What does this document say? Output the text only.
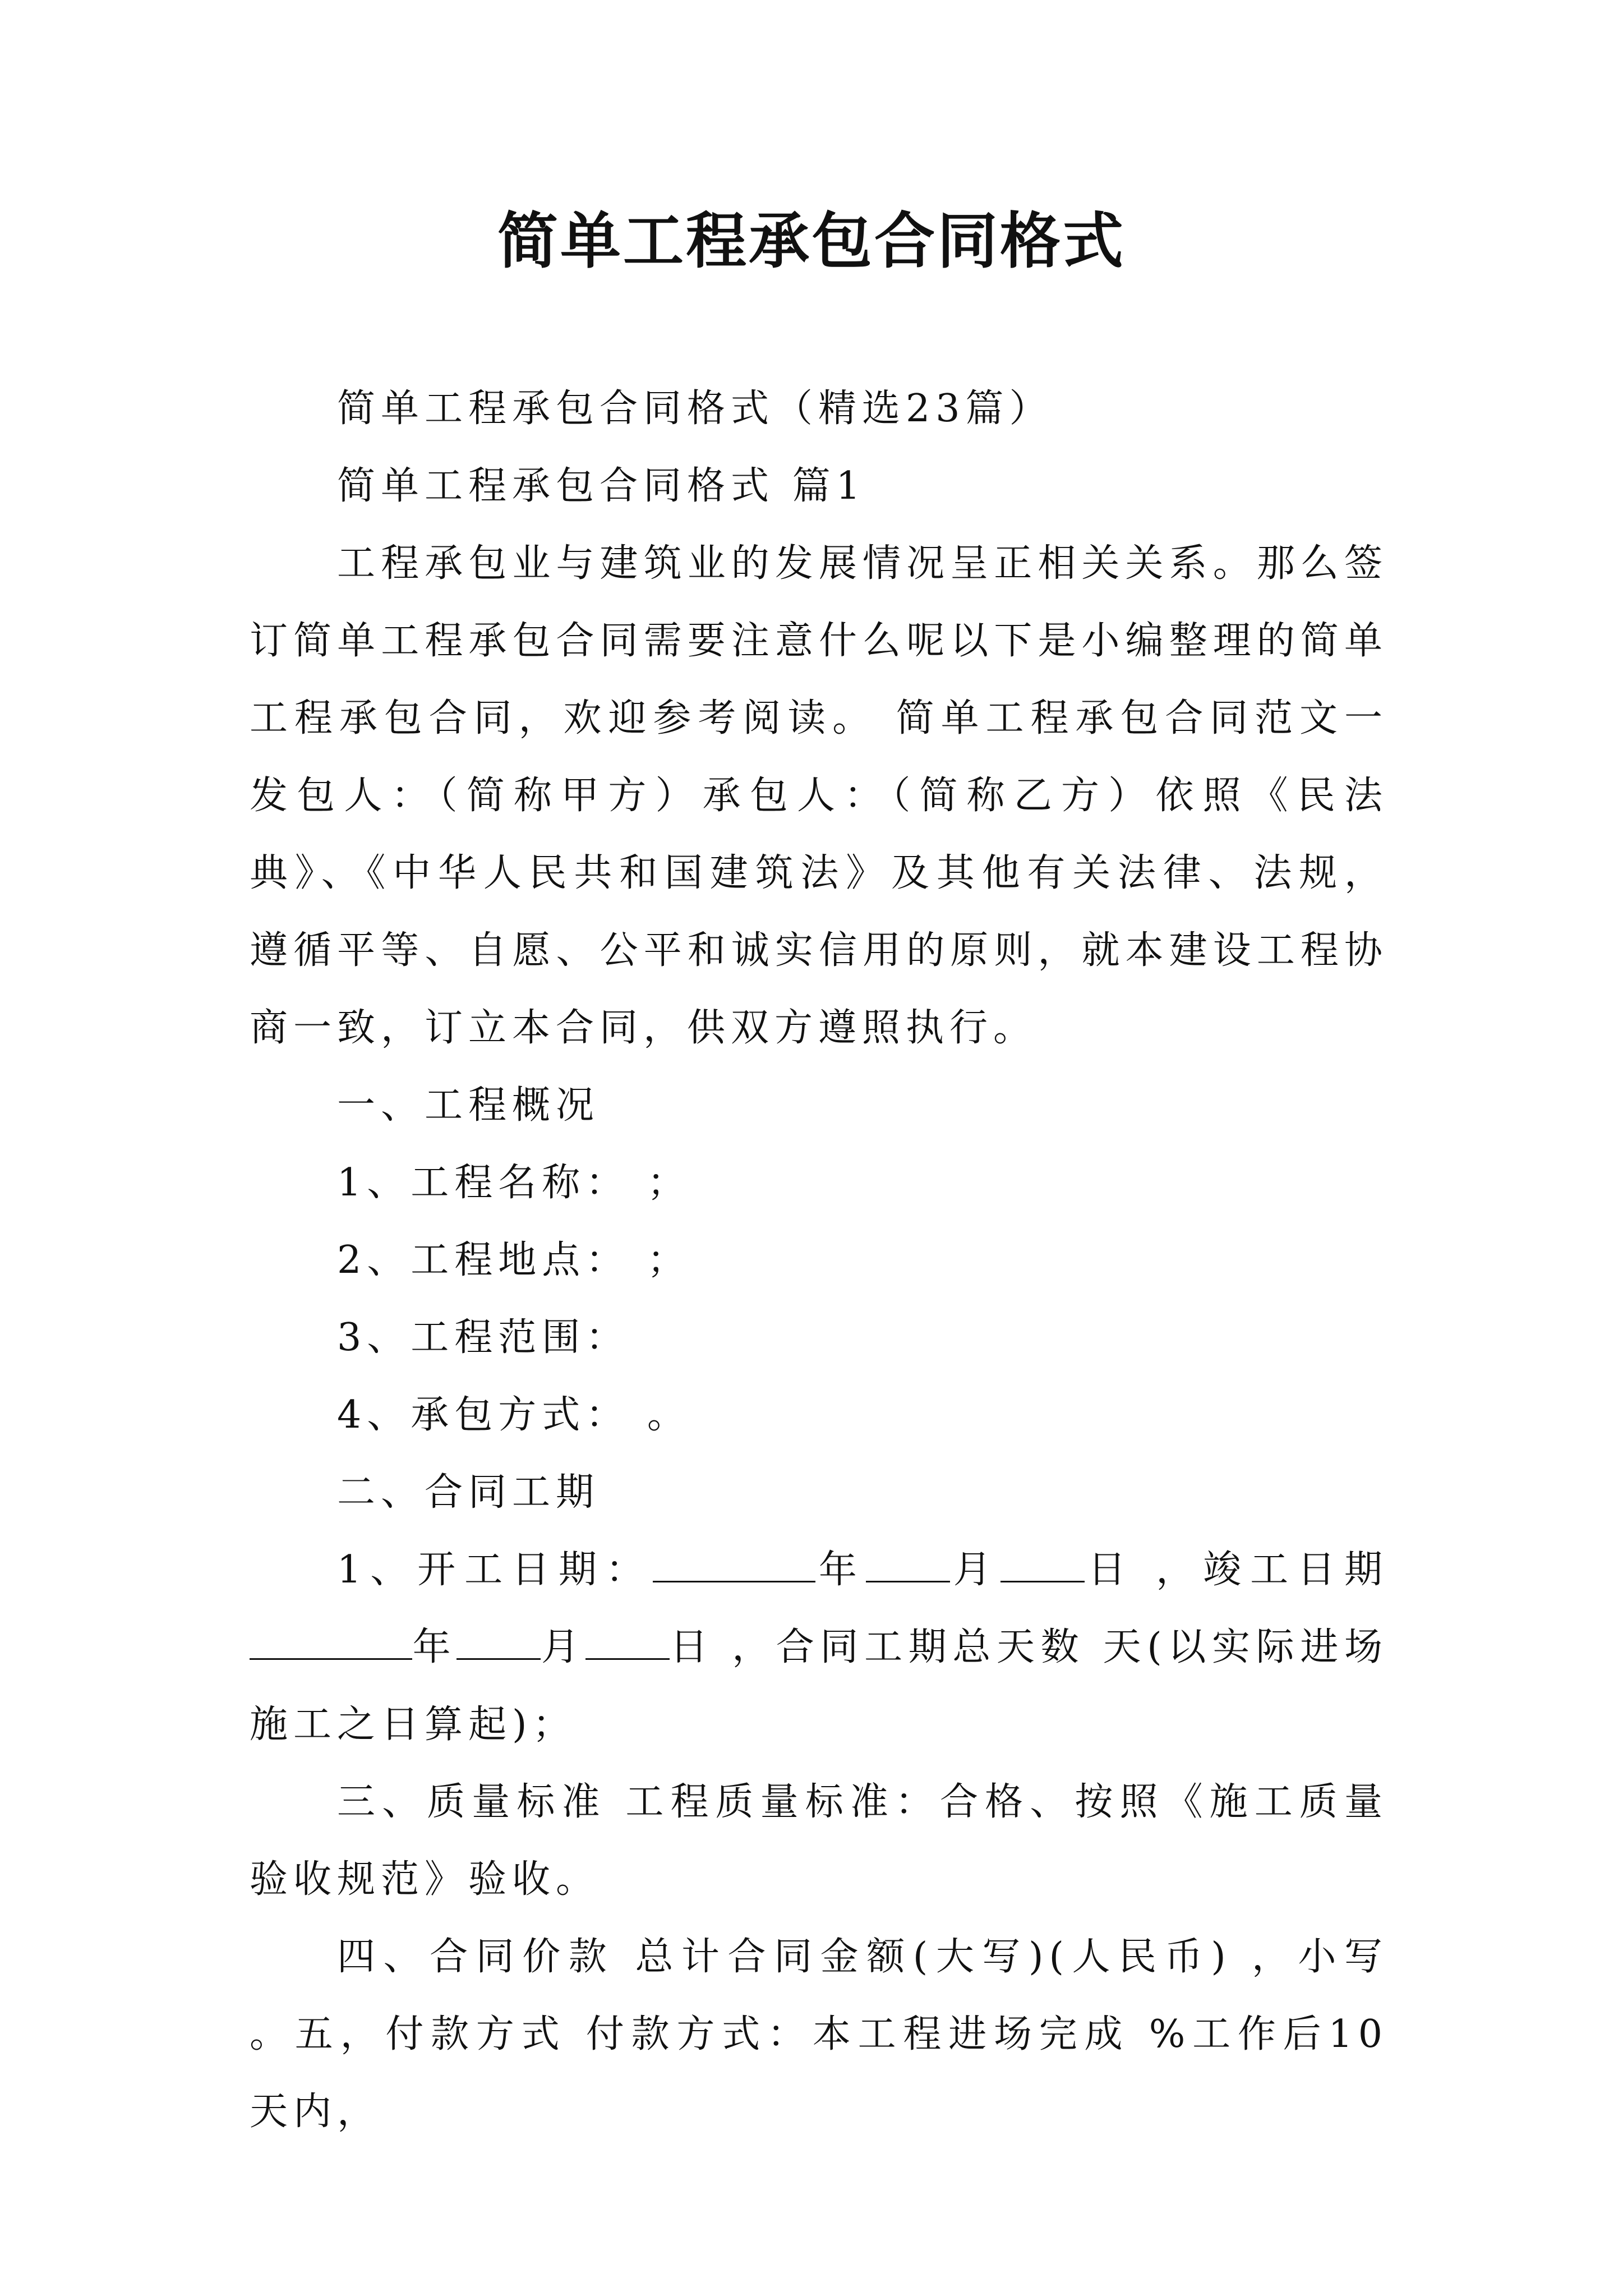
简单工程承包合同格式

简单工程承包合同格式（精选23篇）

简单工程承包合同格式 篇1

工程承包业与建筑业的发展情况呈正相关关系。那么签订简单工程承包合同需要注意什么呢以下是小编整理的简单工程承包合同，欢迎参考阅读。 简单工程承包合同范文一 发包人：（简称甲方）承包人：（简称乙方）依照《民法典》、《中华人民共和国建筑法》及其他有关法律、法规，遵循平等、自愿、公平和诚实信用的原则，就本建设工程协商一致，订立本合同，供双方遵照执行。

一、工程概况

1、工程名称： ；

2、工程地点： ；

3、工程范围：

4、承包方式： 。

二、合同工期

1、开工日期：	年 月 日 ，竣工日期年 月 日 ，合同工期总天数 天(以实际进场施工之日算起)；

三、质量标准 工程质量标准：合格、按照《施工质量验收规范》验收。

四、合同价款 总计合同金额(大写)(人民币) ，小写 。五，付款方式 付款方式：本工程进场完成 %工作后10天内，
